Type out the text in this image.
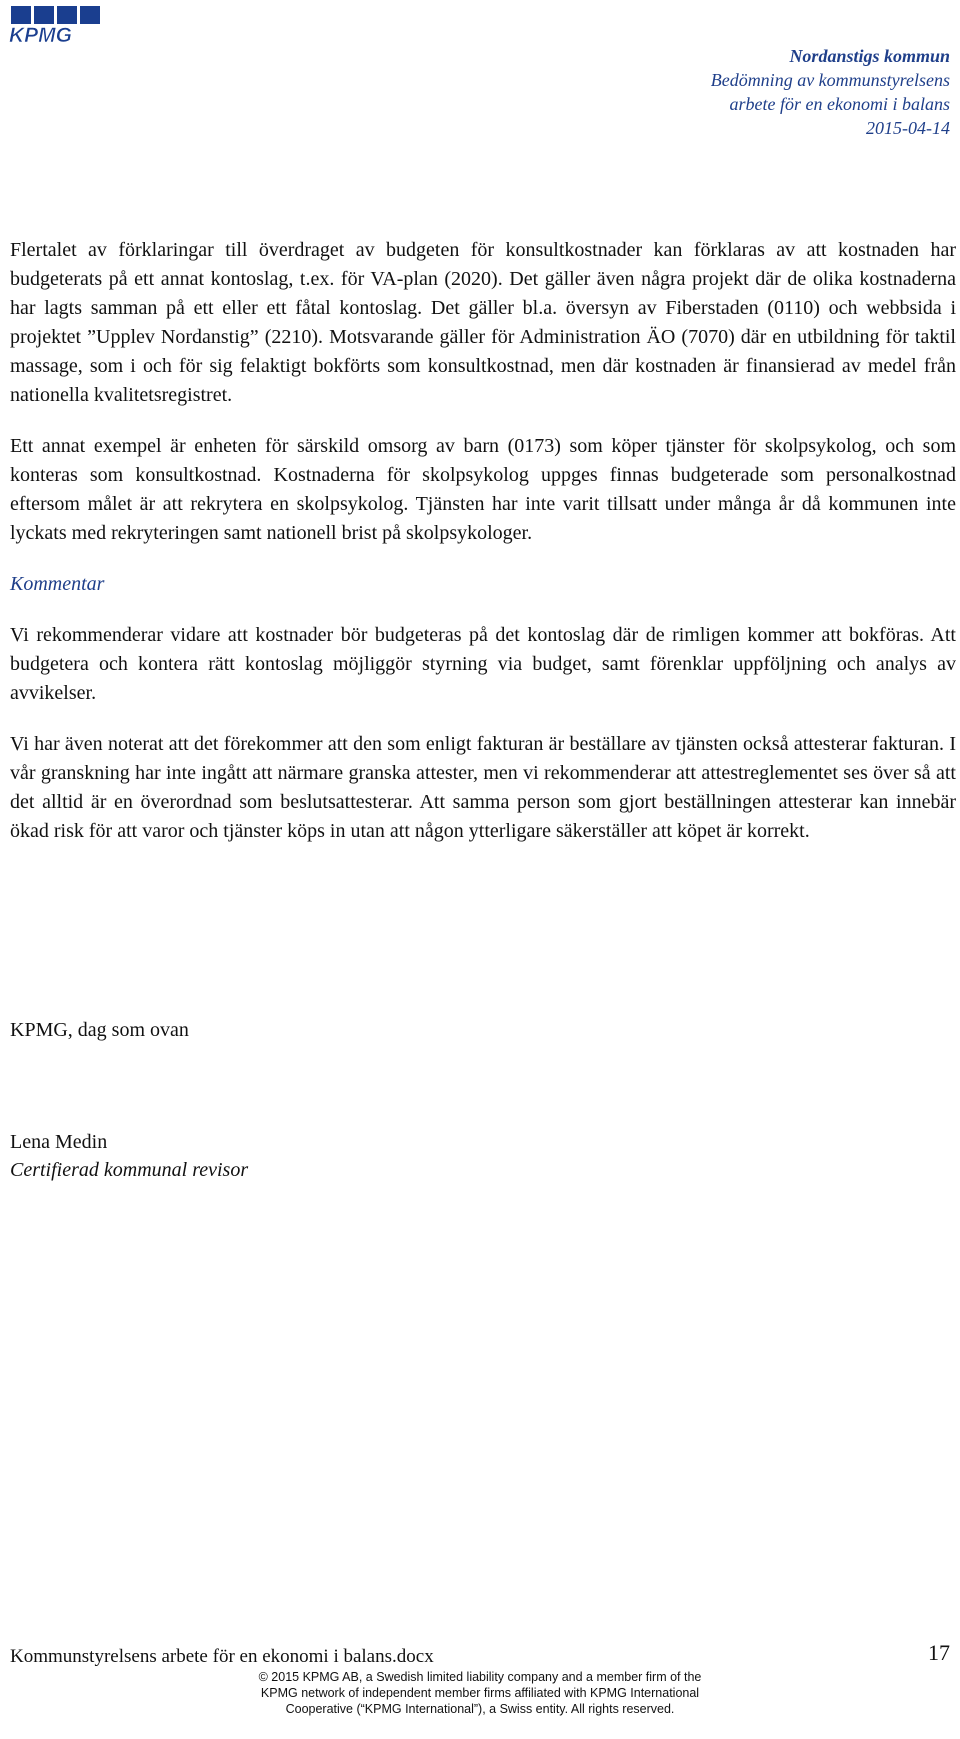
KPMG
Nordanstigs kommun
Bedömning av kommunstyrelsens
arbete för en ekonomi i balans
2015-04-14

Flertalet av förklaringar till överdraget av budgeten för konsultkostnader kan förklaras av att kostnaden har budgeterats på ett annat kontoslag, t.ex. för VA-plan (2020). Det gäller även några projekt där de olika kostnaderna har lagts samman på ett eller ett fåtal kontoslag. Det gäller bl.a. översyn av Fiberstaden (0110) och webbsida i projektet ”Upplev Nordanstig” (2210). Motsvarande gäller för Administration ÄO (7070) där en utbildning för taktil massage, som i och för sig felaktigt bokförts som konsultkostnad, men där kostnaden är finansierad av medel från nationella kvalitetsregistret.

Ett annat exempel är enheten för särskild omsorg av barn (0173) som köper tjänster för skolpsykolog, och som konteras som konsultkostnad. Kostnaderna för skolpsykolog uppges finnas budgeterade som personalkostnad eftersom målet är att rekrytera en skolpsykolog. Tjänsten har inte varit tillsatt under många år då kommunen inte lyckats med rekryteringen samt nationell brist på skolpsykologer.

Kommentar

Vi rekommenderar vidare att kostnader bör budgeteras på det kontoslag där de rimligen kommer att bokföras. Att budgetera och kontera rätt kontoslag möjliggör styrning via budget, samt förenklar uppföljning och analys av avvikelser.

Vi har även noterat att det förekommer att den som enligt fakturan är beställare av tjänsten också attesterar fakturan. I vår granskning har inte ingått att närmare granska attester, men vi rekommenderar att attestreglementet ses över så att det alltid är en överordnad som beslutsattesterar. Att samma person som gjort beställningen attesterar kan innebär ökad risk för att varor och tjänster köps in utan att någon ytterligare säkerställer att köpet är korrekt.

KPMG, dag som ovan
Lena Medin
Certifierad kommunal revisor
Kommunstyrelsens arbete för en ekonomi i balans.docx	17
© 2015 KPMG AB, a Swedish limited liability company and a member firm of the
KPMG network of independent member firms affiliated with KPMG International
Cooperative (“KPMG International”), a Swiss entity. All rights reserved.
